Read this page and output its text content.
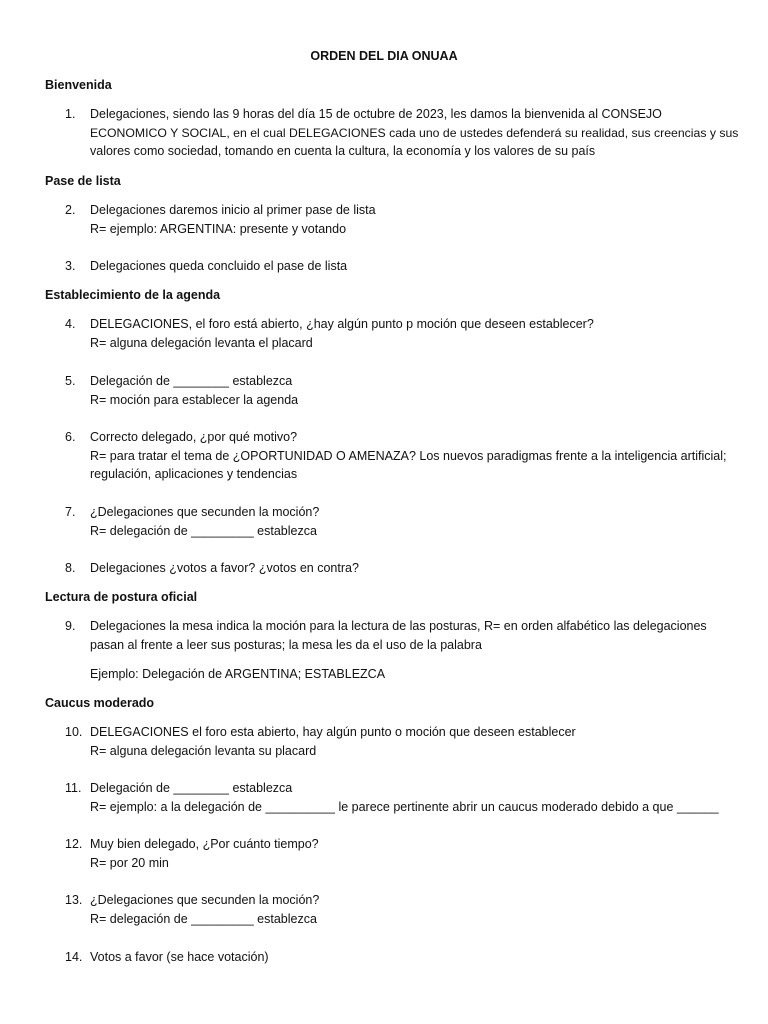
ORDEN DEL DIA ONUAA
Bienvenida
1. Delegaciones, siendo las 9 horas del día 15 de octubre de 2023, les damos la bienvenida al CONSEJO
ECONOMICO Y SOCIAL, en el cual DELEGACIONES cada uno de ustedes defenderá su realidad, sus creencias y sus
valores como sociedad, tomando en cuenta la cultura, la economía y los valores de su país
Pase de lista
2. Delegaciones daremos inicio al primer pase de lista
R= ejemplo: ARGENTINA: presente y votando
3. Delegaciones queda concluido el pase de lista
Establecimiento de la agenda
4. DELEGACIONES, el foro está abierto, ¿hay algún punto p moción que deseen establecer?
R= alguna delegación levanta el placard
5. Delegación de ________ establezca
R= moción para establecer la agenda
6. Correcto delegado, ¿por qué motivo?
R= para tratar el tema de ¿OPORTUNIDAD O AMENAZA? Los nuevos paradigmas frente a la inteligencia artificial;
regulación, aplicaciones y tendencias
7. ¿Delegaciones que secunden la moción?
R= delegación de _________ establezca
8. Delegaciones ¿votos a favor? ¿votos en contra?
Lectura de postura oficial
9. Delegaciones la mesa indica la moción para la lectura de las posturas, R= en orden alfabético las delegaciones
pasan al frente a leer sus posturas; la mesa les da el uso de la palabra
Ejemplo: Delegación de ARGENTINA; ESTABLEZCA
Caucus moderado
10. DELEGACIONES el foro esta abierto, hay algún punto o moción que deseen establecer
R= alguna delegación levanta su placard
11. Delegación de ________ establezca
R= ejemplo: a la delegación de __________ le parece pertinente abrir un caucus moderado debido a que ______
12. Muy bien delegado, ¿Por cuánto tiempo?
R= por 20 min
13. ¿Delegaciones que secunden la moción?
R= delegación de _________ establezca
14. Votos a favor (se hace votación)
